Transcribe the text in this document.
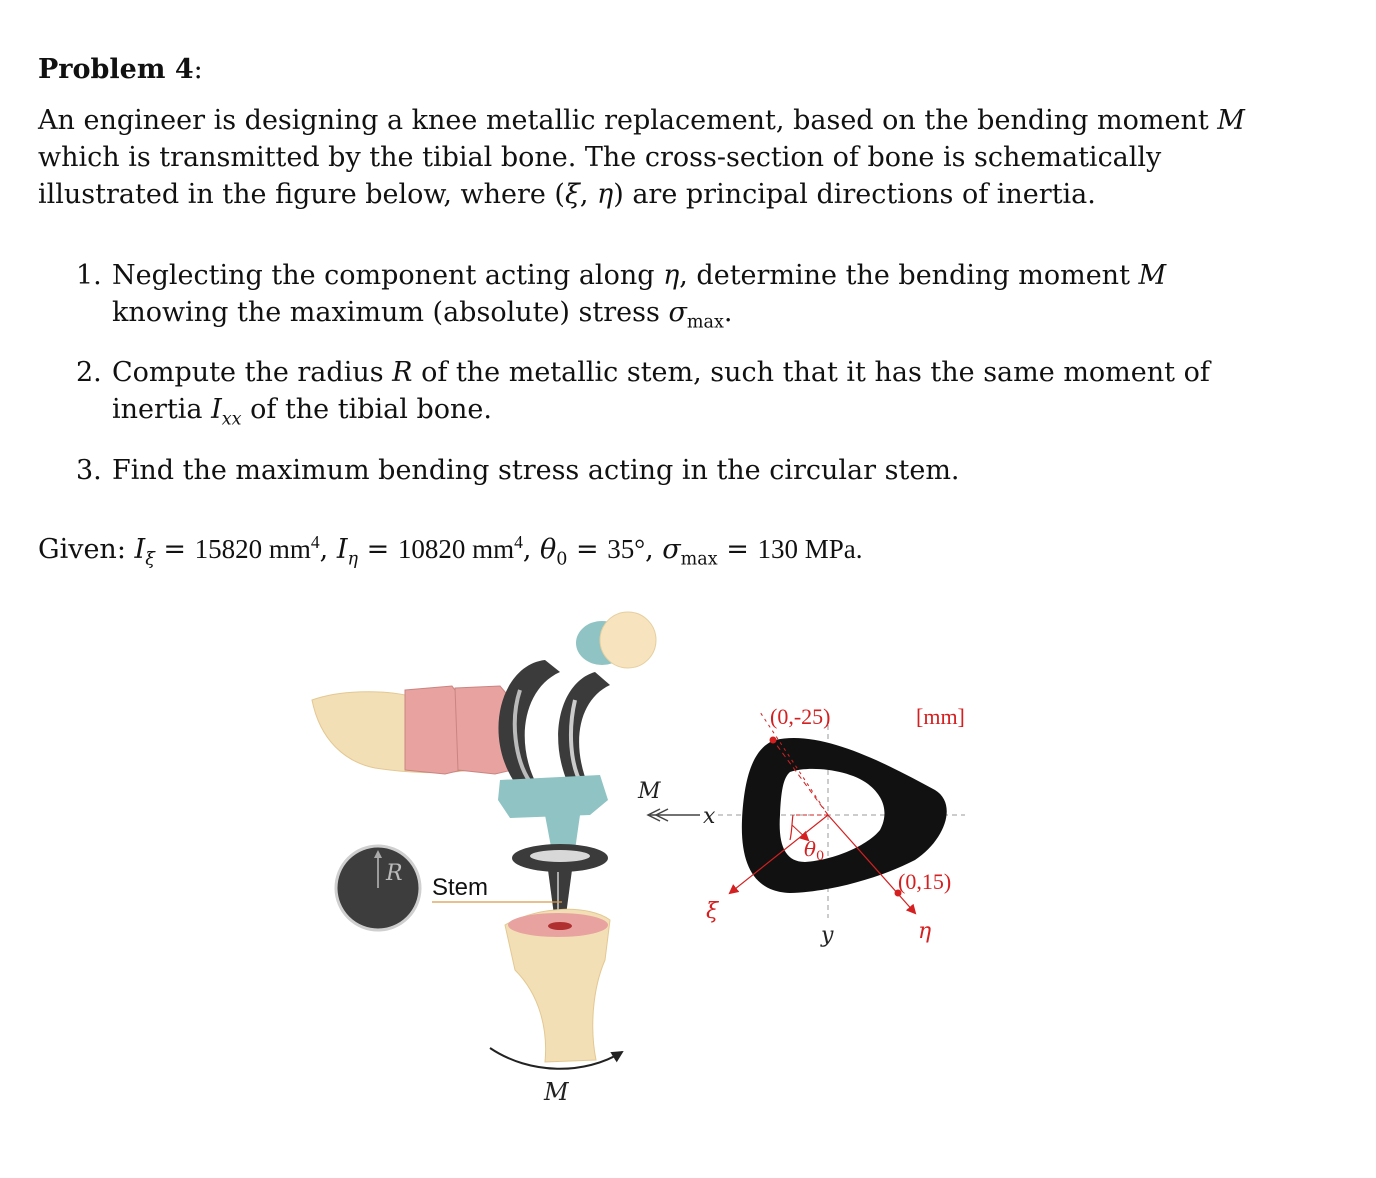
Problem 4:
An engineer is designing a knee metallic replacement, based on the bending moment M which is transmitted by the tibial bone. The cross-section of bone is schematically illustrated in the figure below, where (ξ, η) are principal directions of inertia.
1. Neglecting the component acting along η, determine the bending moment M knowing the maximum (absolute) stress $\sigma_{max}$.
2. Compute the radius R of the metallic stem, such that it has the same moment of inertia $I_{xx}$ of the tibial bone.
3. Find the maximum bending stress acting in the circular stem.
Given: $I_\xi = 15820$ $mm^4$, $I_\eta = 10820$ $mm^4$, $\theta_0 = 35^\circ$, $\sigma_{max} = 130$ MPa.
R
Stem
M
M
x
y
ξ
η
$\theta_0$
(0,-25)
(0,15)
[mm]
